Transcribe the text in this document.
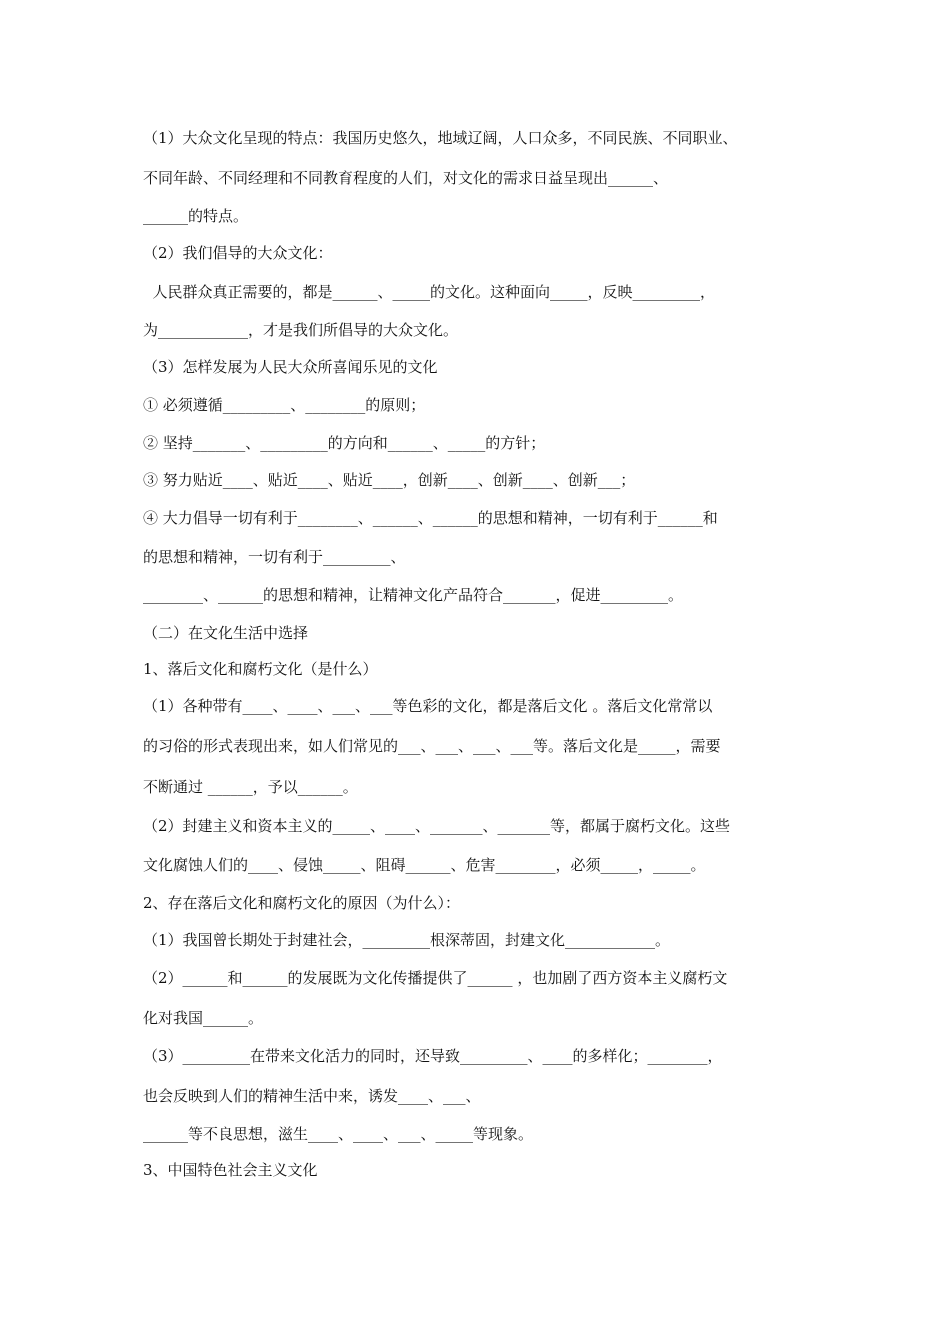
（1）大众文化呈现的特点：我国历史悠久，地域辽阔，人口众多，不同民族、不同职业、
不同年龄、不同经理和不同教育程度的人们，对文化的需求日益呈现出______、
______的特点。
（2）我们倡导的大众文化：
人民群众真正需要的，都是______、_____的文化。这种面向_____，反映_________，
为____________，才是我们所倡导的大众文化。
（3）怎样发展为人民大众所喜闻乐见的文化
① 必须遵循_________、________的原则；
② 坚持_______、_________的方向和______、_____的方针；
③ 努力贴近____、贴近____、贴近____，创新____、创新____、创新___；
④ 大力倡导一切有利于________、______、______的思想和精神，一切有利于______和
的思想和精神，一切有利于_________、
________、______的思想和精神，让精神文化产品符合_______，促进_________。
（二）在文化生活中选择
1、落后文化和腐朽文化（是什么）
（1）各种带有____、____、___、___等色彩的文化，都是落后文化 。落后文化常常以
的习俗的形式表现出来，如人们常见的___、___、___、___等。落后文化是_____，需要
不断通过 ______，予以______。
（2）封建主义和资本主义的_____、____、_______、_______等，都属于腐朽文化。这些
文化腐蚀人们的____、侵蚀_____、阻碍______、危害________，必须_____，_____。
2、存在落后文化和腐朽文化的原因（为什么）：
（1）我国曾长期处于封建社会，_________根深蒂固，封建文化____________。
（2）______和______的发展既为文化传播提供了______ ，也加剧了西方资本主义腐朽文
化对我国______。
（3）_________在带来文化活力的同时，还导致_________、____的多样化；________，
也会反映到人们的精神生活中来，诱发____、___、
______等不良思想，滋生____、____、___、_____等现象。
3、中国特色社会主义文化
